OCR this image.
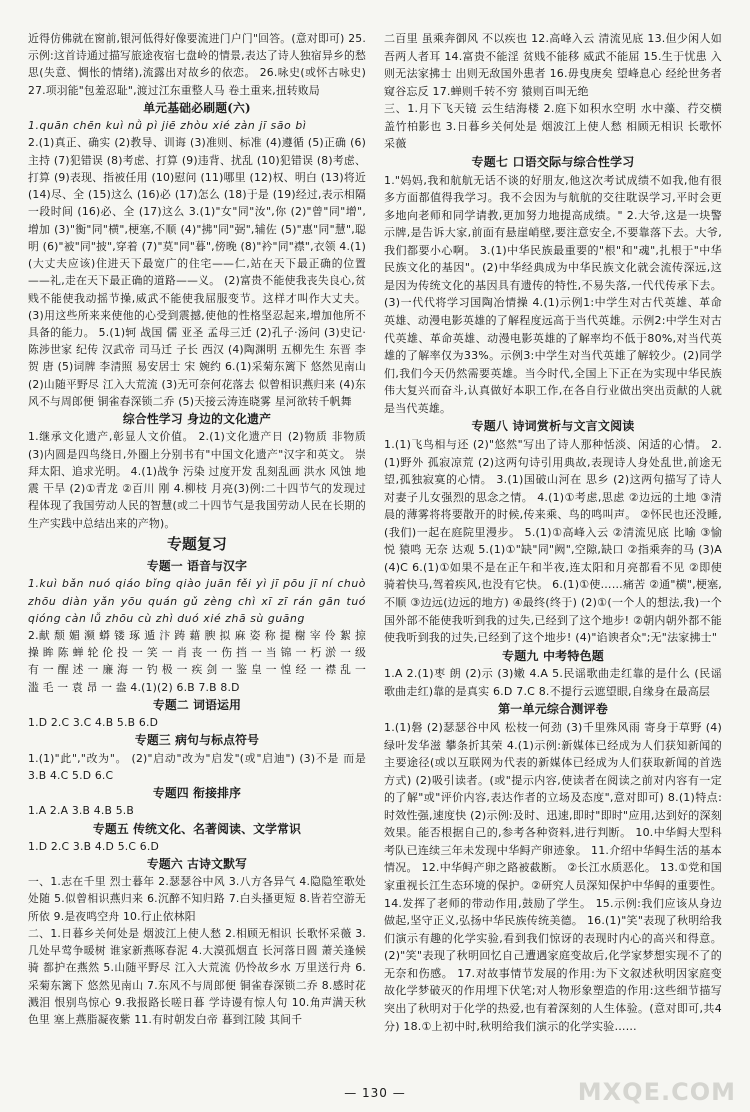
近得仿佛就在窗前,银河低得好像要流进门户门"回答。(意对即可) 25.示例:这首诗通过描写旅途夜宿七盘岭的情景,表达了诗人独宿异乡的愁思(失意、惆怅的情绪),流露出对故乡的依恋。 26.咏史(或怀古咏史) 27.项羽能"包羞忍耻",渡过江东重整人马 卷土重来,扭转败局
单元基础必刷题(六)
1.quān chēn kuì nǜ pì jiē zhòu xié zàn jī sāo bì
2.(1)真正、确实 (2)教导、训诲 (3)准则、标准 (4)遵循 (5)正确 (6)主持 (7)犯错误 (8)考虑、打算 (9)违背、扰乱 (10)犯错误 (8)考虑、打算 (9)表现、指被任用 (10)慰问 (11)哪里 (12)权、明白 (13)将近 (14)尽、全 (15)这么 (16)必 (17)怎么 (18)于是 (19)经过,表示相隔一段时间 (16)必、全 (17)这么 3.(1)"女"同"汝",你 (2)"曾"同"增",增加 (3)"衡"同"横",梗塞,不顺 (4)"拂"同"弼",辅佐 (5)"惠"同"慧",聪明 (6)"被"同"披",穿着 (7)"莫"同"暮",傍晚 (8)"衿"同"襟",衣领 4.(1)(大丈夫应该)住进天下最宽广的住宅——仁,站在天下最正确的位置——礼,走在天下最正确的道路——义。 (2)富贵不能使我丧失良心,贫贱不能使我动摇节操,威武不能使我屈服变节。这样才叫作大丈夫。 (3)用这些所来来使他的心受到震撼,使他的性格坚忍起来,增加他所不具备的能力。 5.(1)轲 战国 儒 亚圣 孟母三迁 (2)孔子·汤问 (3)史记·陈涉世家 纪传 汉武帝 司马迁 子长 西汉 (4)陶渊明 五柳先生 东晋 李贺 唐 (5)词牌 李清照 易安居士 宋 婉约 6.(1)采菊东篱下 悠然见南山 (2)山随平野尽 江入大荒流 (3)无可奈何花落去 似曾相识燕归来 (4)东风不与周郎便 铜雀春深锁二乔 (5)天接云涛连晓雾 星河欲转千帆舞
综合性学习 身边的文化遗产
1.继承文化遗产,彰显人文价值。 2.(1)文化遗产日 (2)物质 非物质 (3)内圆是四鸟绕日,外圈上分别书有"中国文化遗产"汉字和英文。 崇拜太阳、追求光明。 4.(1)战争 污染 过度开发 乱刻乱画 洪水 风蚀 地震 干旱 (2)①青龙 ②百川 刚 4.柳枝 月亮(3)例:二十四节气的发现过程体现了我国劳动人民的智慧(或二十四节气是我国劳动人民在长期的生产实践中总结出来的产物)。
专题复习
专题一 语音与汉字
1.kuì bǎn nuó qiáo bǐng qiào juān fěi yì jī pōu jī ní chuò zhōu diàn yǎn yōu quán gǔ zèng chì xī zī rán gān tuó qióng càn lǚ zhōu cù zhì duó xié zhā sù guāng
2.献 颓 媚 濒 蟒 镂 琢 遁 汴 踌 藉 腴 拟 麻 姿 称 提 榭 宰 伶 絮 掠 操 眸 陈 蝉 轮 伦 投 一 笑 一 肖 丧 一 伤 挡 一 当 锦 一 朽 淤 一 级 有 一 醒 述 一 廉 海 一 钓 极 一 疾 剑 一 鉴 皇 一 惶 经 一 襟 乱 一 滥 毛 一 袁 昂 一 盎 4.(1)(2) 6.B 7.B 8.D
专题二 词语运用
1.D 2.C 3.C 4.B 5.B 6.D
专题三 病句与标点符号
1.(1)"此","改为"。 (2)"启动"改为"启发"(或"启迪") (3)不是 而是 3.B 4.C 5.D 6.C
专题四 衔接排序
1.A 2.A 3.B 4.B 5.B
专题五 传统文化、名著阅读、文学常识
1.D 2.C 3.B 4.D 5.C 6.D
专题六 古诗文默写
一、1.志在千里 烈士暮年 2.瑟瑟谷中风 3.八方各异气 4.隐隐笙歌处处随 5.似曾相识燕归来 6.沉醉不知归路 7.白头搔更短 8.皆若空游无所依 9.是夜鸣空舟 10.行止依林阳
二、1.日暮乡关何处是 烟波江上使人愁 2.相顾无相识 长歌怀采薇 3.几处早莺争暖树 谁家新燕啄春泥 4.大漠孤烟直 长河落日圆 萧关逢候骑 都护在燕然 5.山随平野尽 江入大荒流 仍怜故乡水 万里送行舟 6.采菊东篱下 悠然见南山 7.东风不与周郎便 铜雀春深锁二乔 8.感时花溅泪 恨别鸟惊心 9.我报路长嗟日暮 学诗谩有惊人句 10.角声满天秋色里 塞上燕脂凝夜紫 11.有时朝发白帝 暮到江陵 其间千
二百里 虽乘奔御风 不以疾也 12.高峰入云 清流见底 13.但少闲人如吾两人者耳 14.富贵不能淫 贫贱不能移 威武不能屈 15.生于忧患 入则无法家拂士 出则无敌国外患者 16.毋曳庚矣 望峰息心 经纶世务者 窥谷忘反 17.蝉则千转不穷 猿则百叫无绝
三、1.月下飞天镜 云生结海楼 2.庭下如积水空明 水中藻、荇交横 盖竹柏影也 3.日暮乡关何处是 烟波江上使人愁 相顾无相识 长歌怀采薇
专题七 口语交际与综合性学习
1."妈妈,我和航航无话不谈的好朋友,他这次考试成绩不如我,他有很多方面都值得我学习。我不会因为与航航的交往耽误学习,平时会更多地向老师和同学请教,更加努力地提高成绩。" 2.大爷,这是一块警示牌,是告诉大家,前面有悬崖峭壁,要注意安全,不要靠落下去。大爷,我们都要小心啊。 3.(1)中华民族最重要的"根"和"魂",扎根于"中华民族文化的基因"。(2)中华经典成为中华民族文化就会流传深远,这是因为传统文化的基因具有遗传的特性,不易失落,一代代传承下去。(3)一代代将学习国陶冶情操 4.(1)示例1:中学生对古代英雄、革命英雄、动漫电影英雄的了解程度远高于当代英雄。示例2:中学生对古代英雄、革命英雄、动漫电影英雄的了解率均不低于80%,对当代英雄的了解率仅为33%。示例3:中学生对当代英雄了解较少。(2)同学们,我们今天仍然需要英雄。当今时代,全国上下正在为实现中华民族伟大复兴而奋斗,认真做好本职工作,在各自行业做出突出贡献的人就是当代英雄。
专题八 诗词赏析与文言文阅读
1.(1)飞鸟相与还 (2)"悠然"写出了诗人那种恬淡、闲适的心情。 2.(1)野外 孤寂凉荒 (2)这两句诗引用典故,表现诗人身处乱世,前途无望,孤独寂寞的心情。 3.(1)国破山河在 思乡 (2)这两句描写了诗人对妻子儿女强烈的思念之情。 4.(1)①考虑,思虑 ②边远的土地 ③清晨的薄雾将将要散开的时候,传来乘、鸟的鸣叫声。 ②怀民也还没睡,(我们)一起在庭院里漫步。 5.(1)①高峰入云 ②清流见底 比喻 ③愉悦 猿鸣 无奈 达观 5.(1)①"缺"同"阙",空隙,缺口 ②指乘奔的马 (3)A (4)C 6.(1)①如果不是在正午和半夜,连太阳和月亮都看不见 ②即使骑着快马,驾着疾风,也没有它快。 6.(1)①使……痛苦 ②通"横",梗塞,不顺 ③边远(边远的地方) ④最终(终于) (2)①(一个人的想法,我)一个国外部不能使我听到我的过失,已经到了这个地步! ②朝内朝外都不能使我听到我的过失,已经到了这个地步! (4)"谄谀者众";无"法家拂士"
专题九 中考特色题
1.A 2.(1)枣 朗 (2)示 (3)嫩 4.A 5.民谣歌曲走红靠的是什么 (民谣歌曲走红)靠的是真实 6.D 7.C 8.不提行云遮望眼,自缘身在最高层
第一单元综合测评卷
1.(1)磐 (2)瑟瑟谷中风 松枝一何劲 (3)千里殊风雨 寄身于草野 (4)绿叶发华滋 攀条折其荣 4.(1)示例:新媒体已经成为人们获知新闻的主要途径(或以互联网为代表的新媒体已经成为人们获取新闻的首选方式) (2)吸引读者。(或"提示内容,使读者在阅读之前对内容有一定的了解"或"评价内容,表达作者的立场及态度",意对即可) 8.(1)特点:时效性强,速度快 (2)示例:及时、迅速,即时"即时"应用,达到好的深刻效果。能否根据自己的,参考各种资料,进行判断。 10.中华鲟大型科考队已连续三年未发现中华鲟产卵迹象。 11.介绍中华鲟生活的基本情况。 12.中华鲟产卵之路被截断。 ②长江水质恶化。 13.①党和国家重视长江生态环境的保护。②研究人员深知保护中华鲟的重要性。 14.发挥了老师的带动作用,鼓励了学生。 15.示例:我们应该从身边做起,坚守正义,弘扬中华民族传统美德。 16.(1)"笑"表现了秋明给我们演示有趣的化学实验,看到我们惊讶的表现时内心的高兴和得意。 (2)"笑"表现了秋明回忆自己遭遇家庭变故后,化学家梦想实现不了的无奈和伤感。 17.对故事情节发展的作用:为下文叙述秋明因家庭变故化学梦破灭的作用埋下伏笔;对人物形象塑造的作用:这些细节描写突出了秋明对于化学的热爱,也有着深刻的人生体验。(意对即可,共4分) 18.①上初中时,秋明给我们演示的化学实验……
— 130 —	MXQE.COM
